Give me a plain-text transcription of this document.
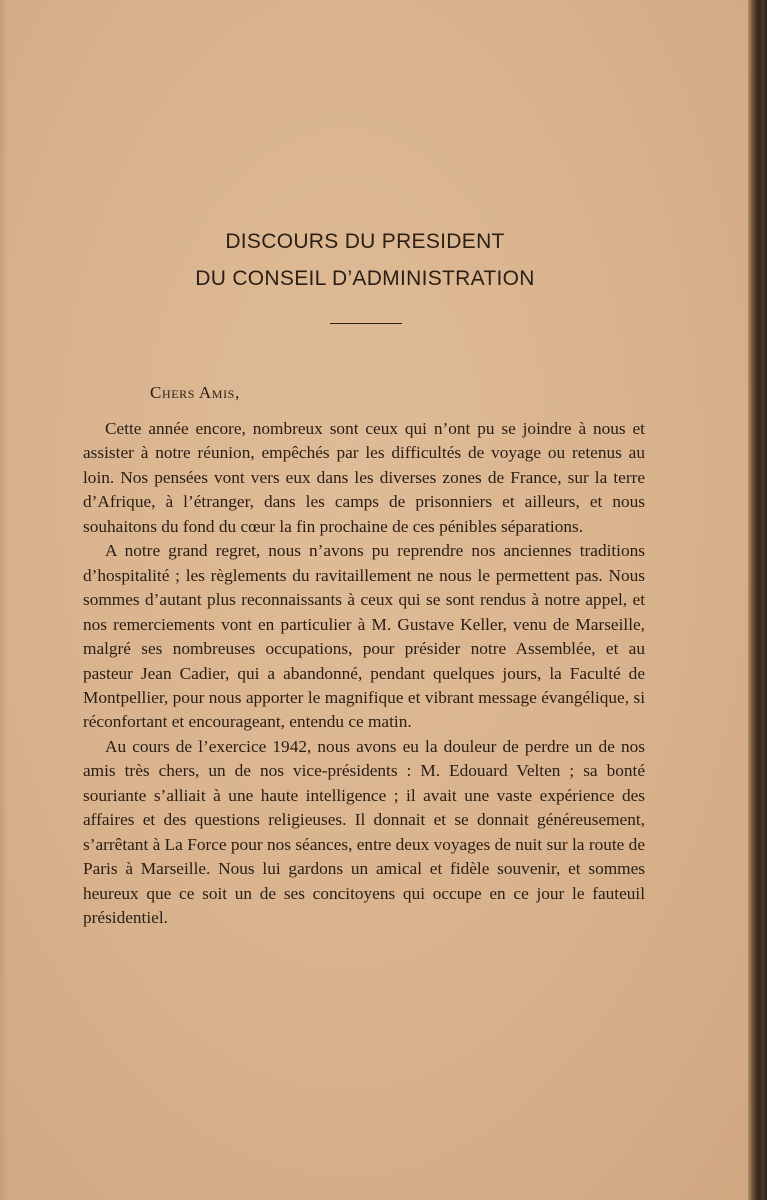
DISCOURS DU PRESIDENT
DU CONSEIL D’ADMINISTRATION
Chers Amis,

Cette année encore, nombreux sont ceux qui n’ont pu se joindre à nous et assister à notre réunion, empêchés par les difficultés de voyage ou retenus au loin. Nos pensées vont vers eux dans les diverses zones de France, sur la terre d’Afrique, à l’étranger, dans les camps de prisonniers et ailleurs, et nous souhaitons du fond du cœur la fin prochaine de ces pénibles séparations.

A notre grand regret, nous n’avons pu reprendre nos anciennes traditions d’hospitalité ; les règlements du ravitaillement ne nous le permettent pas. Nous sommes d’autant plus reconnaissants à ceux qui se sont rendus à notre appel, et nos remerciements vont en particulier à M. Gustave Keller, venu de Marseille, malgré ses nombreuses occupations, pour présider notre Assemblée, et au pasteur Jean Cadier, qui a abandonné, pendant quelques jours, la Faculté de Montpellier, pour nous apporter le magnifique et vibrant message évangélique, si réconfortant et encourageant, entendu ce matin.

Au cours de l’exercice 1942, nous avons eu la douleur de perdre un de nos amis très chers, un de nos vice-présidents : M. Edouard Velten ; sa bonté souriante s’alliait à une haute intelligence ; il avait une vaste expérience des affaires et des questions religieuses. Il donnait et se donnait généreusement, s’arrêtant à La Force pour nos séances, entre deux voyages de nuit sur la route de Paris à Marseille. Nous lui gardons un amical et fidèle souvenir, et sommes heureux que ce soit un de ses concitoyens qui occupe en ce jour le fauteuil présidentiel.
